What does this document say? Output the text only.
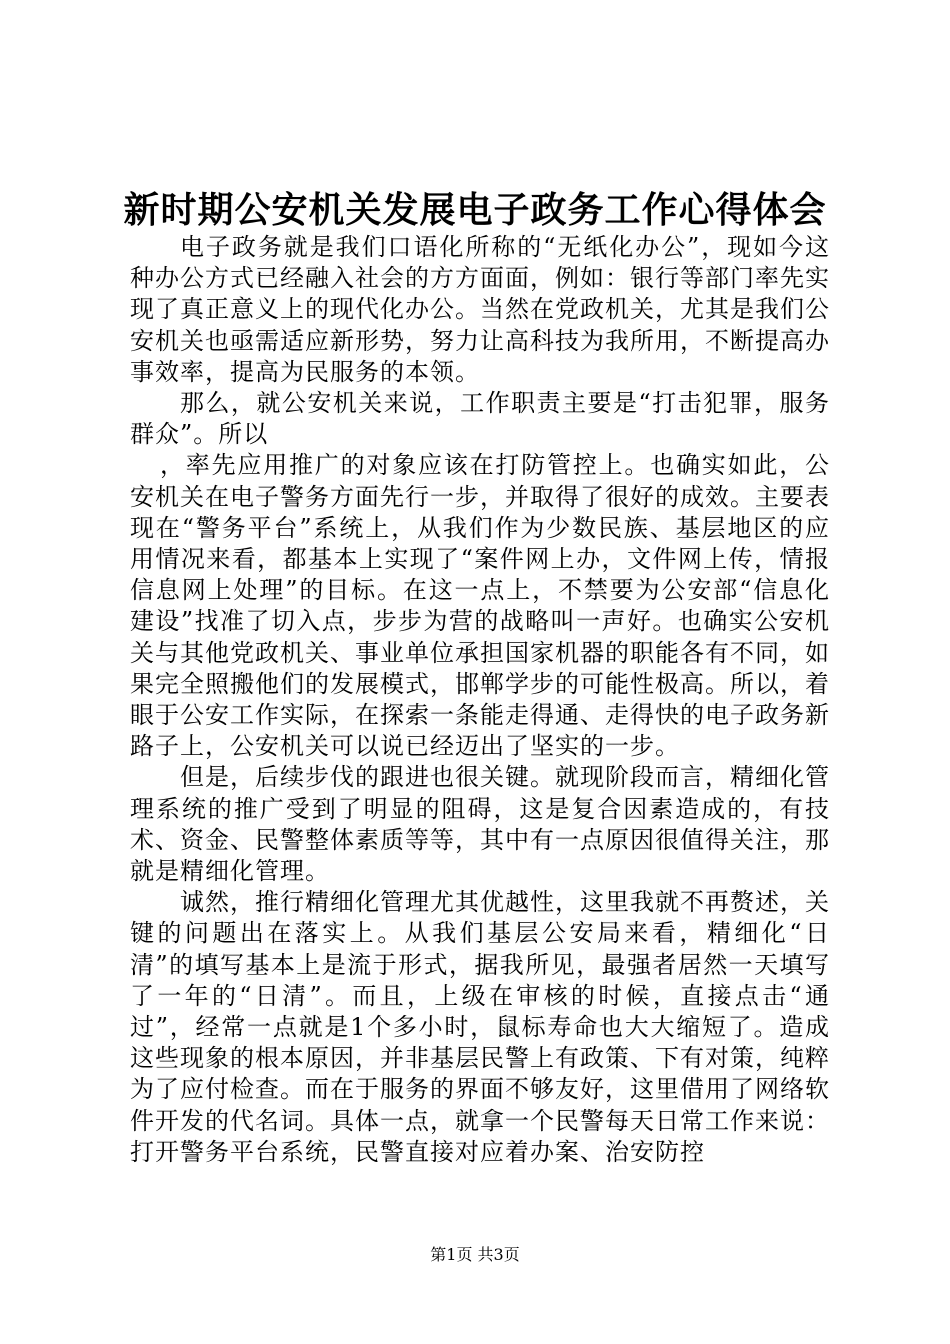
新时期公安机关发展电子政务工作心得体会

电子政务就是我们口语化所称的“无纸化办公”，现如今这种办公方式已经融入社会的方方面面，例如：银行等部门率先实现了真正意义上的现代化办公。当然在党政机关，尤其是我们公安机关也亟需适应新形势，努力让高科技为我所用，不断提高办事效率，提高为民服务的本领。

那么，就公安机关来说，工作职责主要是“打击犯罪，服务群众”。所以

，率先应用推广的对象应该在打防管控上。也确实如此，公安机关在电子警务方面先行一步，并取得了很好的成效。主要表现在“警务平台”系统上，从我们作为少数民族、基层地区的应用情况来看，都基本上实现了“案件网上办，文件网上传，情报信息网上处理”的目标。在这一点上，不禁要为公安部“信息化建设”找准了切入点，步步为营的战略叫一声好。也确实公安机关与其他党政机关、事业单位承担国家机器的职能各有不同，如果完全照搬他们的发展模式，邯郸学步的可能性极高。所以，着眼于公安工作实际，在探索一条能走得通、走得快的电子政务新路子上，公安机关可以说已经迈出了坚实的一步。

但是，后续步伐的跟进也很关键。就现阶段而言，精细化管理系统的推广受到了明显的阻碍，这是复合因素造成的，有技术、资金、民警整体素质等等，其中有一点原因很值得关注，那就是精细化管理。

诚然，推行精细化管理尤其优越性，这里我就不再赘述，关键的问题出在落实上。从我们基层公安局来看，精细化“日清”的填写基本上是流于形式，据我所见，最强者居然一天填写了一年的“日清”。而且，上级在审核的时候，直接点击“通过”，经常一点就是1个多小时，鼠标寿命也大大缩短了。造成这些现象的根本原因，并非基层民警上有政策、下有对策，纯粹为了应付检查。而在于服务的界面不够友好，这里借用了网络软件开发的代名词。具体一点，就拿一个民警每天日常工作来说：打开警务平台系统，民警直接对应着办案、治安防控

第1页 共3页
